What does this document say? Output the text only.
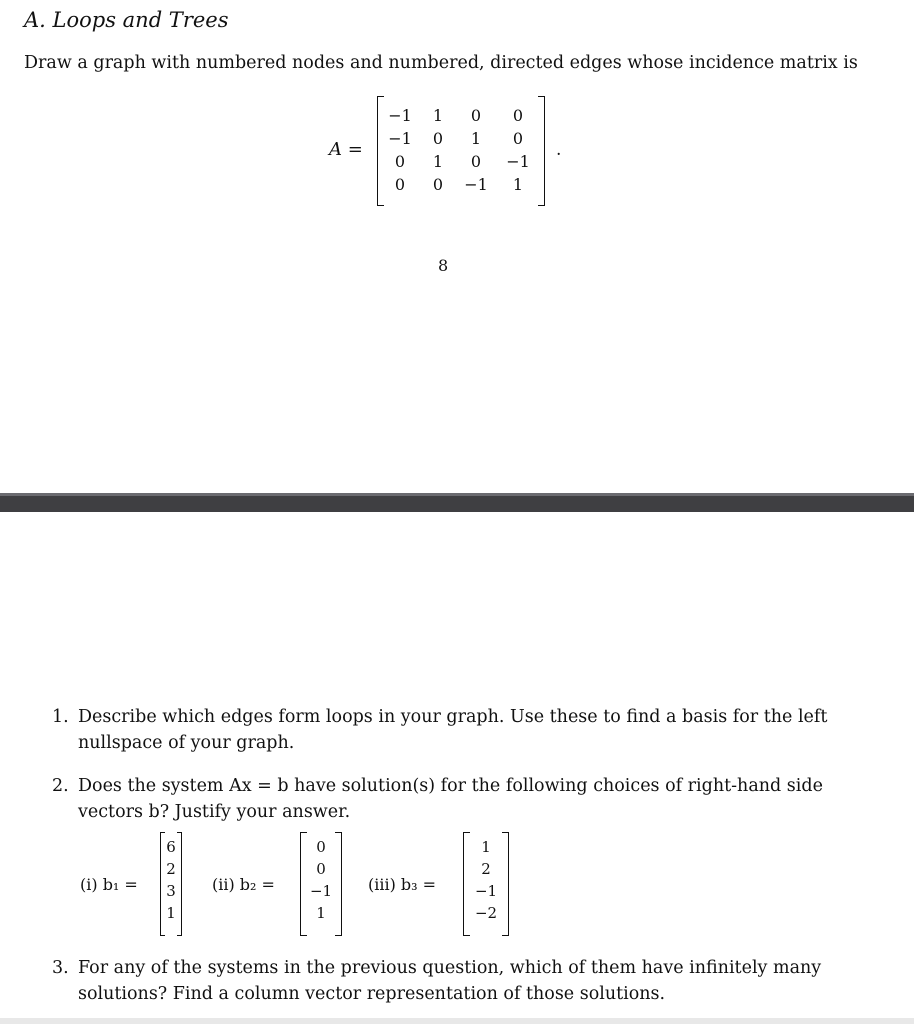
A. Loops and Trees
Draw a graph with numbered nodes and numbered, directed edges whose incidence matrix is
A =
−1	1	0	0
−1	0	1	0
0	1	0	−1
0	0	−1	1
.
8
1. Describe which edges form loops in your graph. Use these to find a basis for the left nullspace of your graph.
2. Does the system Ax = b have solution(s) for the following choices of right-hand side vectors b? Justify your answer.
(i) b₁ =
6
2
3
1
(ii) b₂ =
0
0
−1
1
(iii) b₃ =
1
2
−1
−2
3. For any of the systems in the previous question, which of them have infinitely many solutions? Find a column vector representation of those solutions.
